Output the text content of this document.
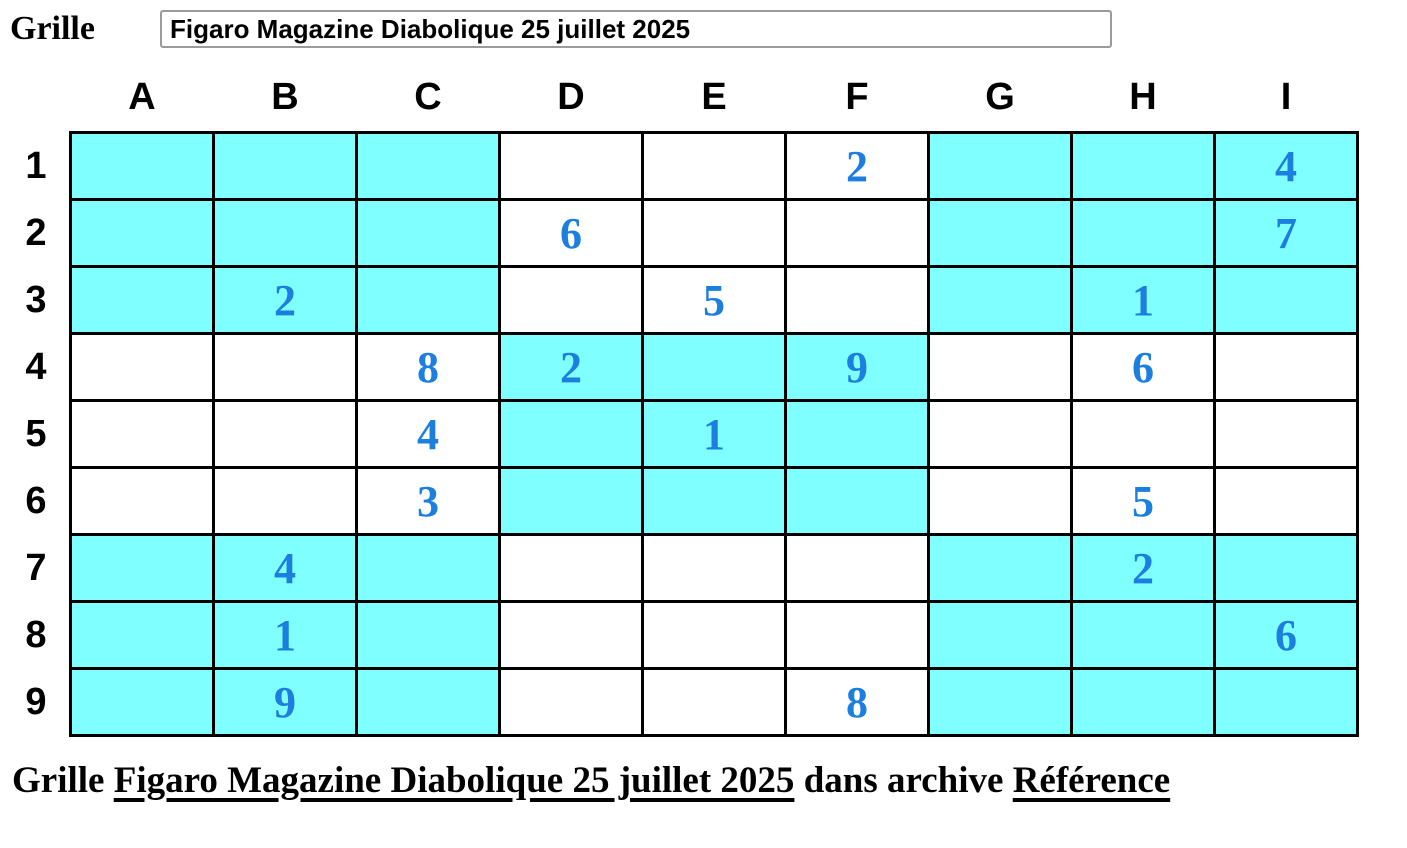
Grille
Figaro Magazine Diabolique 25 juillet 2025
	A	B	C	D	E	F	G	H	I
1						2			4
2				6					7
3		2			5			1	
4			8	2		9		6	
5			4		1				
6			3					5	
7		4						2	
8		1							6
9		9				8			
Grille Figaro Magazine Diabolique 25 juillet 2025 dans archive Référence
